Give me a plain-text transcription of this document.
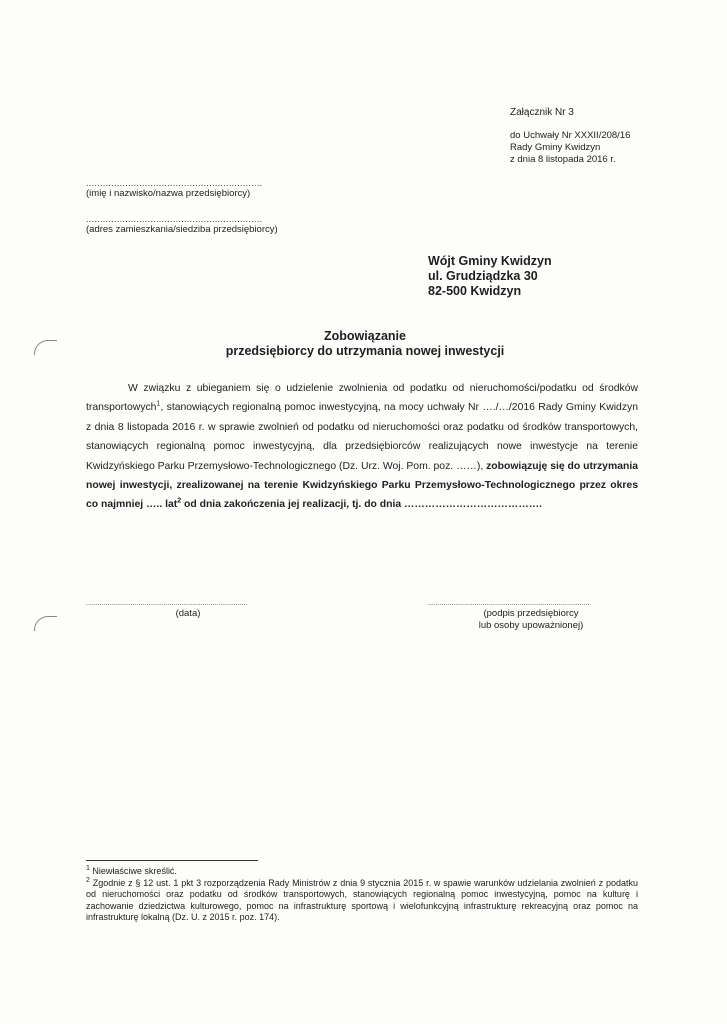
Załącznik Nr 3
do Uchwały Nr XXXII/208/16
Rady Gminy Kwidzyn
z dnia 8 listopada 2016 r.
...............................................................
(imię i nazwisko/nazwa przedsiębiorcy)
...............................................................
(adres zamieszkania/siedziba przedsiębiorcy)
Wójt Gminy Kwidzyn
ul. Grudziądzka 30
82-500 Kwidzyn
Zobowiązanie
przedsiębiorcy do utrzymania nowej inwestycji
W związku z ubieganiem się o udzielenie zwolnienia od podatku od nieruchomości/podatku od środków transportowych$^1$, stanowiących regionalną pomoc inwestycyjną, na mocy uchwały Nr …./…/2016 Rady Gminy Kwidzyn z dnia 8 listopada 2016 r. w sprawie zwolnień od podatku od nieruchomości oraz podatku od środków transportowych, stanowiących regionalną pomoc inwestycyjną, dla przedsiębiorców realizujących nowe inwestycje na terenie Kwidzyńskiego Parku Przemysłowo-Technologicznego (Dz. Urz. Woj. Pom. poz. ……), zobowiązuję się do utrzymania nowej inwestycji, zrealizowanej na terenie Kwidzyńskiego Parku Przemysłowo-Technologicznego przez okres co najmniej ….. lat$^2$ od dnia zakończenia jej realizacji, tj. do dnia ………………………………….
...................................................................................
(data)
...................................................................................
(podpis przedsiębiorcy
lub osoby upoważnionej)
$^1$ Niewłaściwe skreślić.
$^2$ Zgodnie z § 12 ust. 1 pkt 3 rozporządzenia Rady Ministrów z dnia 9 stycznia 2015 r. w spawie warunków udzielania zwolnień z podatku od nieruchomości oraz podatku od środków transportowych, stanowiących regionalną pomoc inwestycyjną, pomoc na kulturę i zachowanie dziedzictwa kulturowego, pomoc na infrastrukturę sportową i wielofunkcyjną infrastrukturę rekreacyjną oraz pomoc na infrastrukturę lokalną (Dz. U. z 2015 r. poz. 174).
